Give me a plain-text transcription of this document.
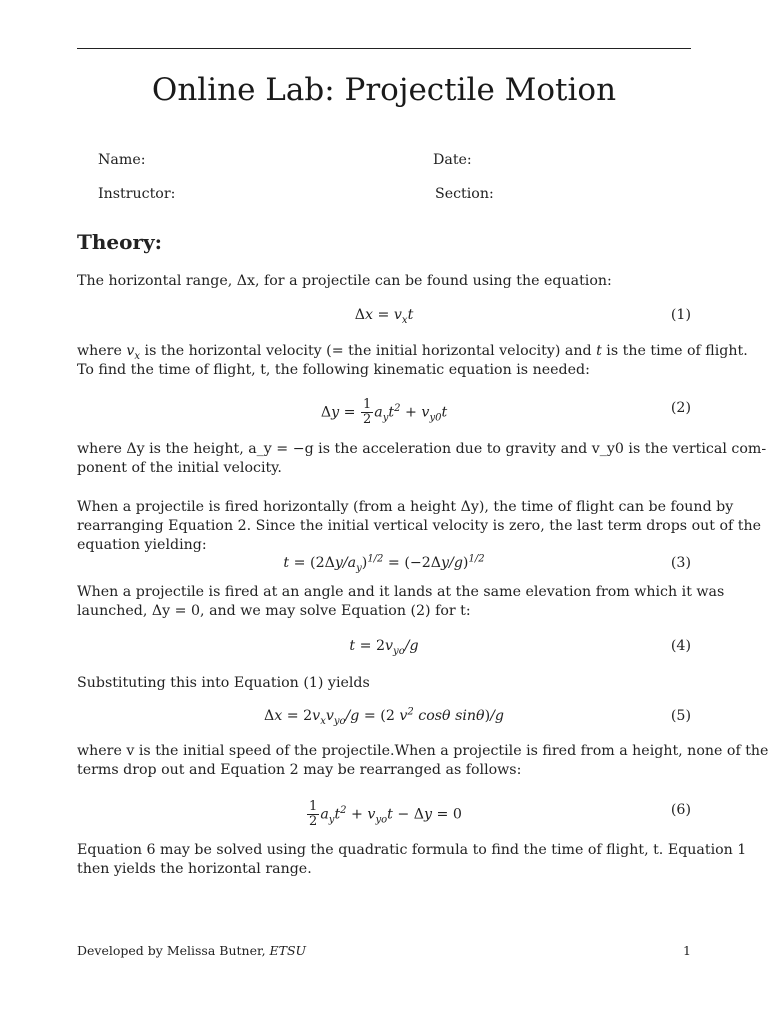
Online Lab: Projectile Motion
Name:	Date:
Instructor:	Section:
Theory:
The horizontal range, Δx, for a projectile can be found using the equation:
$\Delta x = v_xt$	(1)
where $v_x$ is the horizontal velocity (= the initial horizontal velocity) and t is the time of flight.
To find the time of flight, t, the following kinematic equation is needed:
$\Delta y = \frac{1}{2} a_yt^2 + v_{y0}t$	(2)
where Δy is the height, a_y = −g is the acceleration due to gravity and v_y0 is the vertical com-
ponent of the initial velocity.
When a projectile is fired horizontally (from a height Δy), the time of flight can be found by
rearranging Equation 2. Since the initial vertical velocity is zero, the last term drops out of the
equation yielding:
$t = (2\Delta y/a_y)^{1/2} = (-2\Delta y/g)^{1/2}$	(3)
When a projectile is fired at an angle and it lands at the same elevation from which it was
launched, Δy = 0, and we may solve Equation (2) for t:
$t = 2v_{yo}/g$	(4)
Substituting this into Equation (1) yields
$\Delta x = 2v_xv_{yo}/g = (2$ $v^2$ cosθ sinθ)/g	(5)
where v is the initial speed of the projectile.When a projectile is fired from a height, none of the
terms drop out and Equation 2 may be rearranged as follows:
$\frac{1}{2} a_yt^2 + v_{yo}t - \Delta y = 0$	(6)
Equation 6 may be solved using the quadratic formula to find the time of flight, t. Equation 1
then yields the horizontal range.
Developed by Melissa Butner, ETSU	1
